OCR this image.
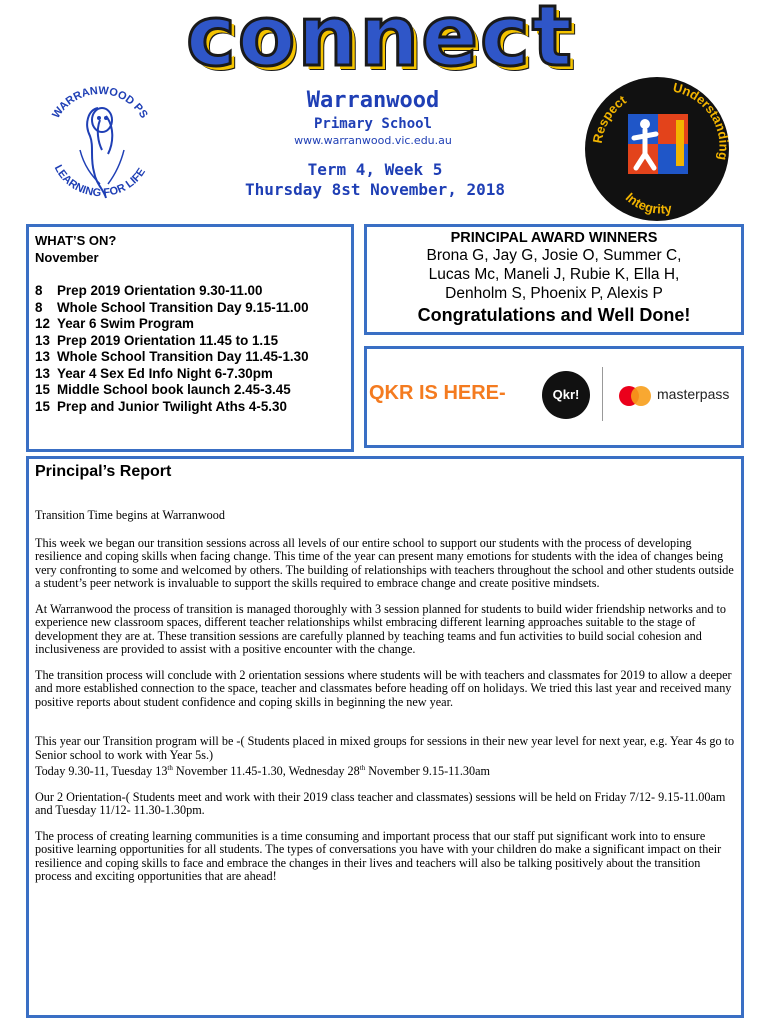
connect
WARRANWOOD PS
LEARNING FOR LIFE
Warranwood
Primary School
www.warranwood.vic.edu.au
Term 4, Week 5
Thursday 8st November, 2018
Respect
Understanding
Integrity
WHAT’S ON?
November
8	Prep 2019 Orientation 9.30-11.00
8	Whole School Transition Day 9.15-11.00
12 Year 6 Swim Program
13 Prep 2019 Orientation 11.45 to 1.15
13 Whole School Transition Day 11.45-1.30
13 Year 4 Sex Ed Info Night 6-7.30pm
15 Middle School book launch 2.45-3.45
15 Prep and Junior Twilight Aths 4-5.30
PRINCIPAL AWARD WINNERS
Brona G, Jay G, Josie O, Summer C,
Lucas Mc, Maneli J, Rubie K, Ella H,
Denholm S, Phoenix P, Alexis P
Congratulations and Well Done!
QKR IS HERE-	Qkr!	masterpass
Principal’s Report

Transition Time begins at Warranwood

This week we began our transition sessions across all levels of our entire school to support our students with the process of developing resilience and coping skills when facing change. This time of the year can present many emotions for students with the idea of changes being very confronting to some and welcomed by others. The building of relationships with teachers throughout the school and other students outside a student’s peer network is invaluable to support the skills required to embrace change and create positive mindsets.

At Warranwood the process of transition is managed thoroughly with 3 session planned for students to build wider friendship networks and to experience new classroom spaces, different teacher relationships whilst embracing different learning approaches suitable to the stage of development they are at. These transition sessions are carefully planned by teaching teams and fun activities to build social cohesion and inclusiveness are provided to assist with a positive encounter with the change.

The transition process will conclude with 2 orientation sessions where students will be with teachers and classmates for 2019 to allow a deeper and more established connection to the space, teacher and classmates before heading off on holidays. We tried this last year and received many positive reports about student confidence and coping skills in beginning the new year.

This year our Transition program will be -( Students placed in mixed groups for sessions in their new year level for next year, e.g. Year 4s go to Senior school to work with Year 5s.)
Today 9.30-11, Tuesday 13th November 11.45-1.30, Wednesday 28th November 9.15-11.30am

Our 2 Orientation-( Students meet and work with their 2019 class teacher and classmates) sessions will be held on Friday 7/12- 9.15-11.00am and Tuesday 11/12- 11.30-1.30pm.

The process of creating learning communities is a time consuming and important process that our staff put significant work into to ensure positive learning opportunities for all students. The types of conversations you have with your children do make a significant impact on their resilience and coping skills to face and embrace the changes in their lives and teachers will also be talking positively about the transition process and exciting opportunities that are ahead!
